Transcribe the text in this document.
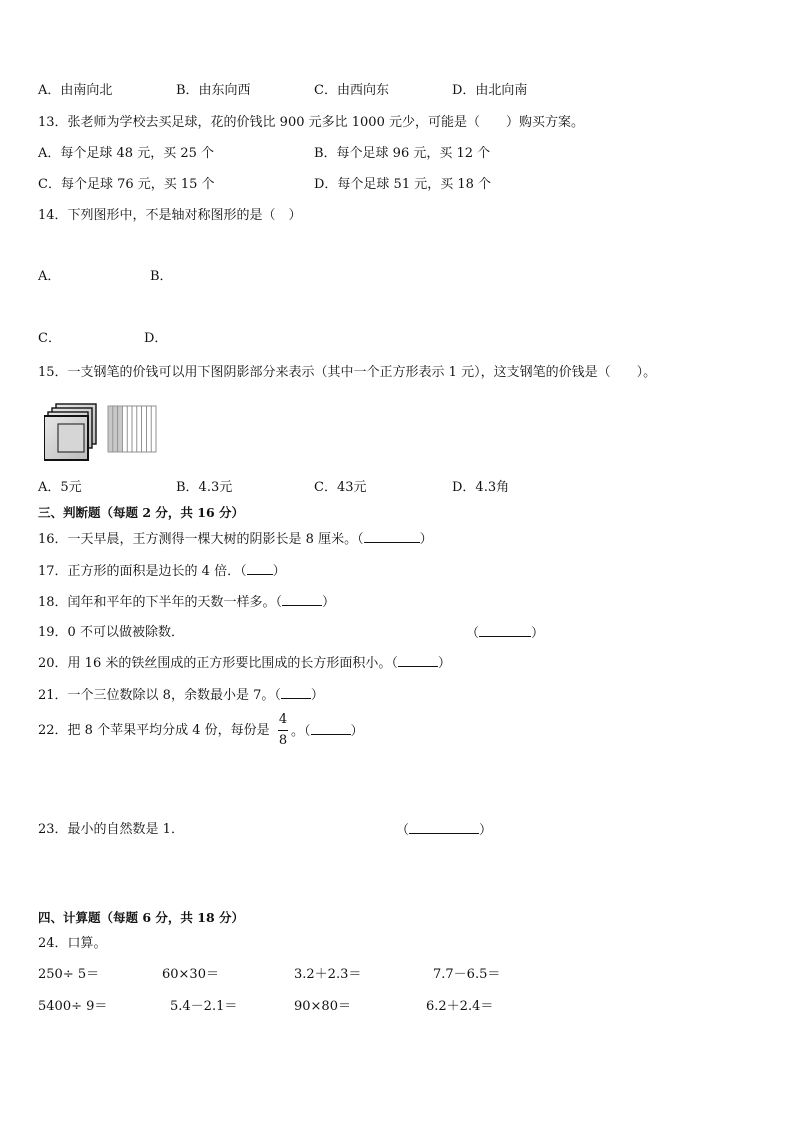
A．由南向北	B．由东向西	C．由西向东	D．由北向南
13．张老师为学校去买足球，花的价钱比 900 元多比 1000 元少，可能是（　　）购买方案。
A．每个足球 48 元，买 25 个	B．每个足球 96 元，买 12 个
C．每个足球 76 元，买 15 个	D．每个足球 51 元，买 18 个
14．下列图形中，不是轴对称图形的是（　）
A．	B．
C．	D．
15．一支钢笔的价钱可以用下图阴影部分来表示（其中一个正方形表示 1 元），这支钢笔的价钱是（　　）。
A．5元	B．4.3元	C．43元	D．4.3角
三、判断题（每题 2 分，共 16 分）
16．一天早晨，王方测得一棵大树的阴影长是 8 厘米。（	）
17．正方形的面积是边长的 4 倍．（ ）
18．闰年和平年的下半年的天数一样多。（	）
19．0 不可以做被除数．	（	）
20．用 16 米的铁丝围成的正方形要比围成的长方形面积小。（	）
21．一个三位数除以 8，余数最小是 7。（ ）
22．把 8 个苹果平均分成 4 份，每份是
4
8
。（	）
23．最小的自然数是 1．	（	）
四、计算题（每题 6 分，共 18 分）
24．口算。
250÷ 5＝	60×30＝	3.2＋2.3＝	7.7－6.5＝
5400÷ 9＝	5.4－2.1＝	90×80＝	6.2＋2.4＝
